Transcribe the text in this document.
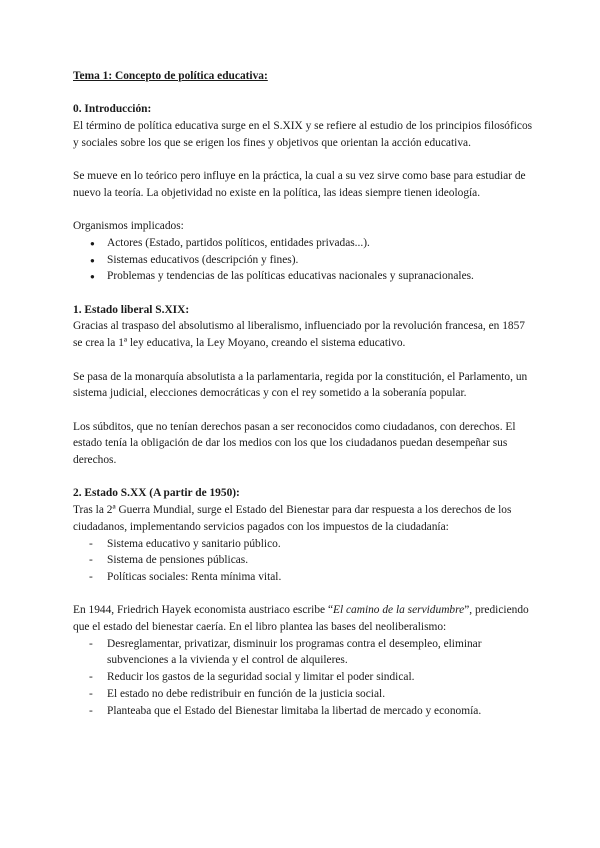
Tema 1: Concepto de política educativa:

0. Introducción:

El término de política educativa surge en el S.XIX y se refiere al estudio de los principios filosóficos y sociales sobre los que se erigen los fines y objetivos que orientan la acción educativa.

Se mueve en lo teórico pero influye en la práctica, la cual a su vez sirve como base para estudiar de nuevo la teoría. La objetividad no existe en la política, las ideas siempre tienen ideología.

Organismos implicados:

● Actores (Estado, partidos políticos, entidades privadas...).
● Sistemas educativos (descripción y fines).
● Problemas y tendencias de las políticas educativas nacionales y supranacionales.

1. Estado liberal S.XIX:

Gracias al traspaso del absolutismo al liberalismo, influenciado por la revolución francesa, en 1857 se crea la 1ª ley educativa, la Ley Moyano, creando el sistema educativo.

Se pasa de la monarquía absolutista a la parlamentaria, regida por la constitución, el Parlamento, un sistema judicial, elecciones democráticas y con el rey sometido a la soberanía popular.

Los súbditos, que no tenían derechos pasan a ser reconocidos como ciudadanos, con derechos. El estado tenía la obligación de dar los medios con los que los ciudadanos puedan desempeñar sus derechos.

2. Estado S.XX (A partir de 1950):

Tras la 2ª Guerra Mundial, surge el Estado del Bienestar para dar respuesta a los derechos de los ciudadanos, implementando servicios pagados con los impuestos de la ciudadanía:

- Sistema educativo y sanitario público.
- Sistema de pensiones públicas.
- Políticas sociales: Renta mínima vital.

En 1944, Friedrich Hayek economista austriaco escribe “El camino de la servidumbre”, prediciendo que el estado del bienestar caería. En el libro plantea las bases del neoliberalismo:

- Desreglamentar, privatizar, disminuir los programas contra el desempleo, eliminar subvenciones a la vivienda y el control de alquileres.
- Reducir los gastos de la seguridad social y limitar el poder sindical.
- El estado no debe redistribuir en función de la justicia social.
- Planteaba que el Estado del Bienestar limitaba la libertad de mercado y economía.
